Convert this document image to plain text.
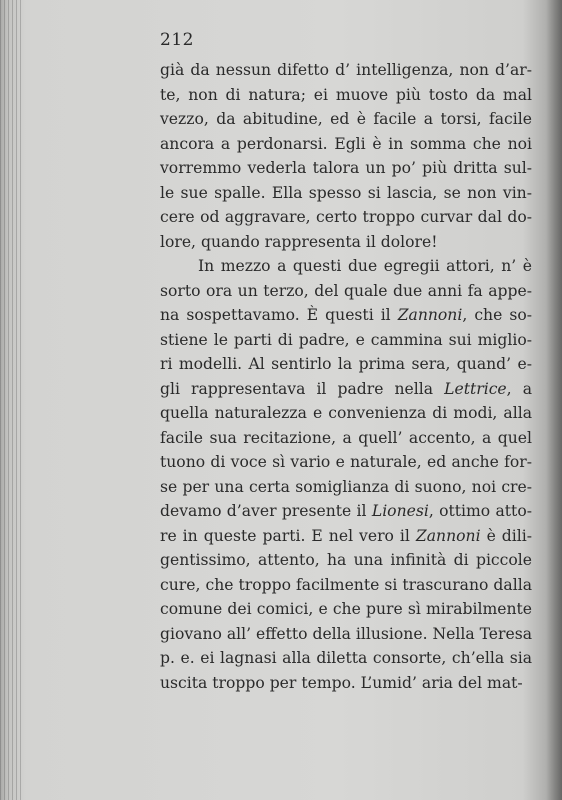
212
già da nessun difetto d’ intelligenza, non d’ar-
te, non di natura; ei muove più tosto da mal
vezzo, da abitudine, ed è facile a torsi, facile
ancora a perdonarsi. Egli è in somma che noi
vorremmo vederla talora un po’ più dritta sul-
le sue spalle. Ella spesso si lascia, se non vin-
cere od aggravare, certo troppo curvar dal do-
lore, quando rappresenta il dolore!
In mezzo a questi due egregii attori, n’ è
sorto ora un terzo, del quale due anni fa appe-
na sospettavamo. È questi il Zannoni, che so-
stiene le parti di padre, e cammina sui miglio-
ri modelli. Al sentirlo la prima sera, quand’ e-
gli rappresentava il padre nella Lettrice, a
quella naturalezza e convenienza di modi, alla
facile sua recitazione, a quell’ accento, a quel
tuono di voce sì vario e naturale, ed anche for-
se per una certa somiglianza di suono, noi cre-
devamo d’aver presente il Lionesi, ottimo atto-
re in queste parti. E nel vero il Zannoni è dili-
gentissimo, attento, ha una infinità di piccole
cure, che troppo facilmente si trascurano dalla
comune dei comici, e che pure sì mirabilmente
giovano all’ effetto della illusione. Nella Teresa
p. e. ei lagnasi alla diletta consorte, ch’ella sia
uscita troppo per tempo. L’umid’ aria del mat-
